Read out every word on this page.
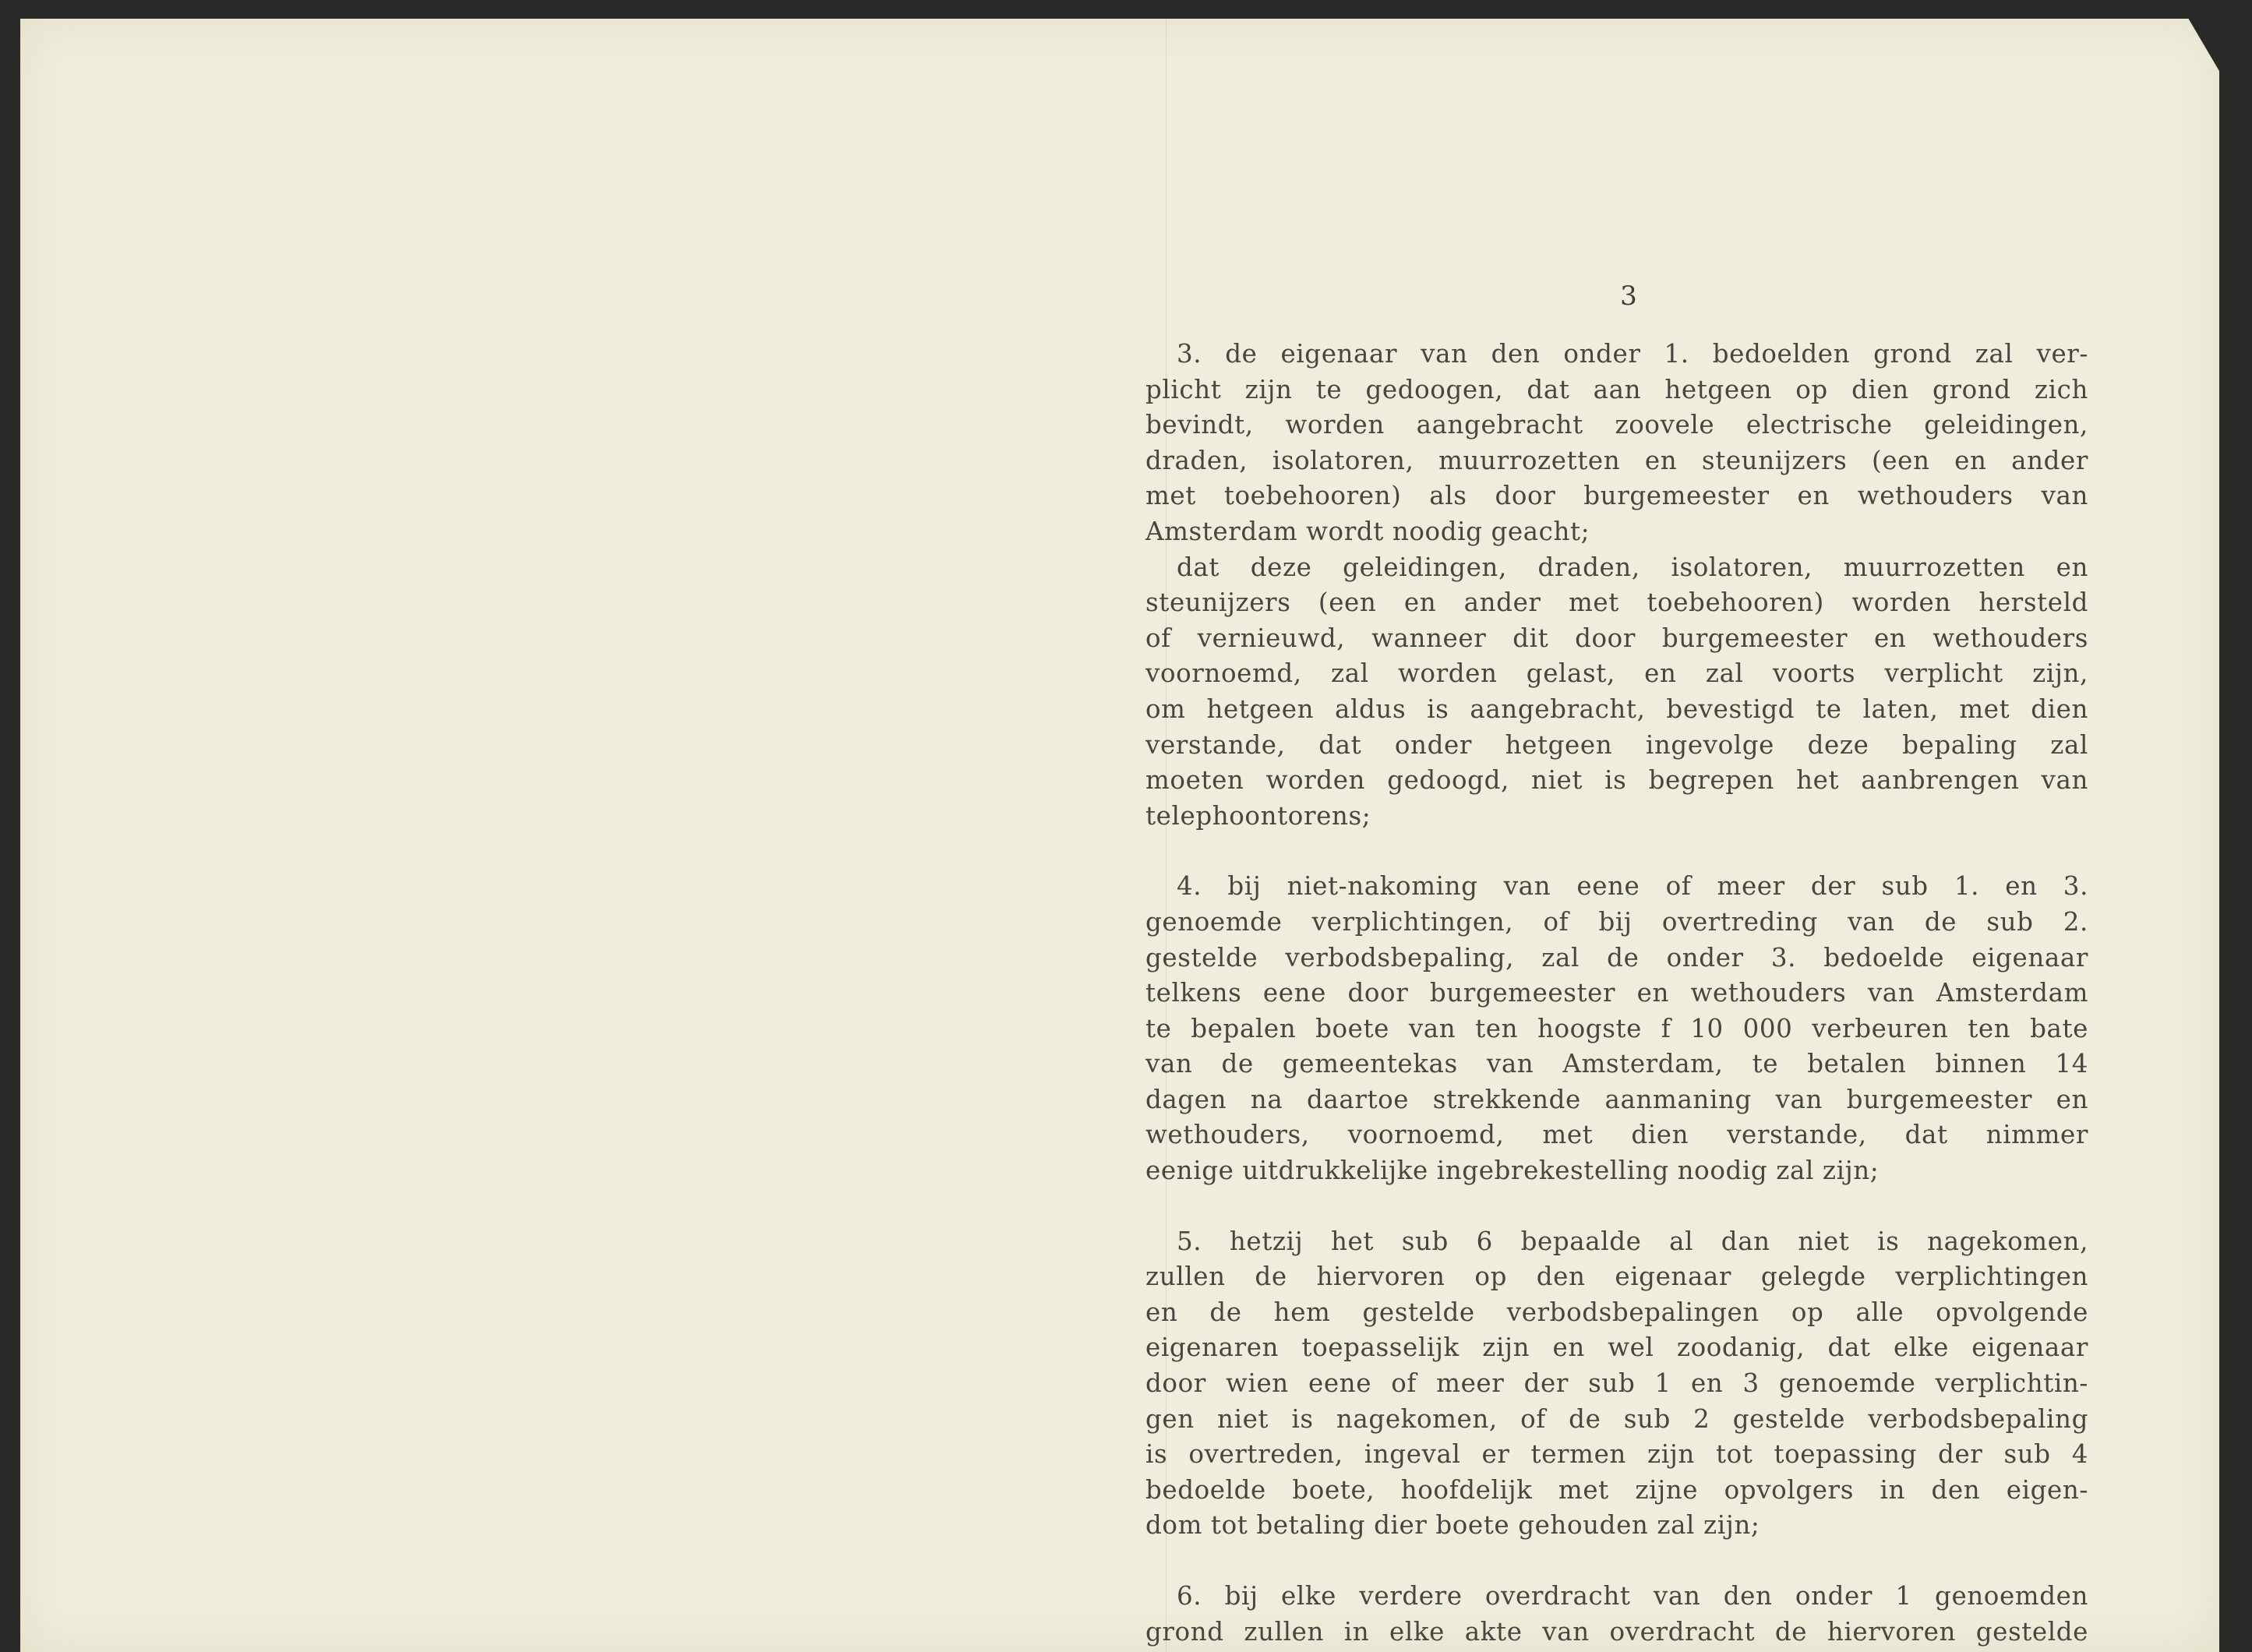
3
3. de eigenaar van den onder 1. bedoelden grond zal ver-
plicht zijn te gedoogen, dat aan hetgeen op dien grond zich
bevindt, worden aangebracht zoovele electrische geleidingen,
draden, isolatoren, muurrozetten en steunijzers (een en ander
met toebehooren) als door burgemeester en wethouders van
Amsterdam wordt noodig geacht;
dat deze geleidingen, draden, isolatoren, muurrozetten en
steunijzers (een en ander met toebehooren) worden hersteld
of vernieuwd, wanneer dit door burgemeester en wethouders
voornoemd, zal worden gelast, en zal voorts verplicht zijn,
om hetgeen aldus is aangebracht, bevestigd te laten, met dien
verstande, dat onder hetgeen ingevolge deze bepaling zal
moeten worden gedoogd, niet is begrepen het aanbrengen van
telephoontorens;
4. bij niet-nakoming van eene of meer der sub 1. en 3.
genoemde verplichtingen, of bij overtreding van de sub 2.
gestelde verbodsbepaling, zal de onder 3. bedoelde eigenaar
telkens eene door burgemeester en wethouders van Amsterdam
te bepalen boete van ten hoogste f 10 000 verbeuren ten bate
van de gemeentekas van Amsterdam, te betalen binnen 14
dagen na daartoe strekkende aanmaning van burgemeester en
wethouders, voornoemd, met dien verstande, dat nimmer
eenige uitdrukkelijke ingebrekestelling noodig zal zijn;
5. hetzij het sub 6 bepaalde al dan niet is nagekomen,
zullen de hiervoren op den eigenaar gelegde verplichtingen
en de hem gestelde verbodsbepalingen op alle opvolgende
eigenaren toepasselijk zijn en wel zoodanig, dat elke eigenaar
door wien eene of meer der sub 1 en 3 genoemde verplichtin-
gen niet is nagekomen, of de sub 2 gestelde verbodsbepaling
is overtreden, ingeval er termen zijn tot toepassing der sub 4
bedoelde boete, hoofdelijk met zijne opvolgers in den eigen-
dom tot betaling dier boete gehouden zal zijn;
6. bij elke verdere overdracht van den onder 1 genoemden
grond zullen in elke akte van overdracht de hiervoren gestelde
